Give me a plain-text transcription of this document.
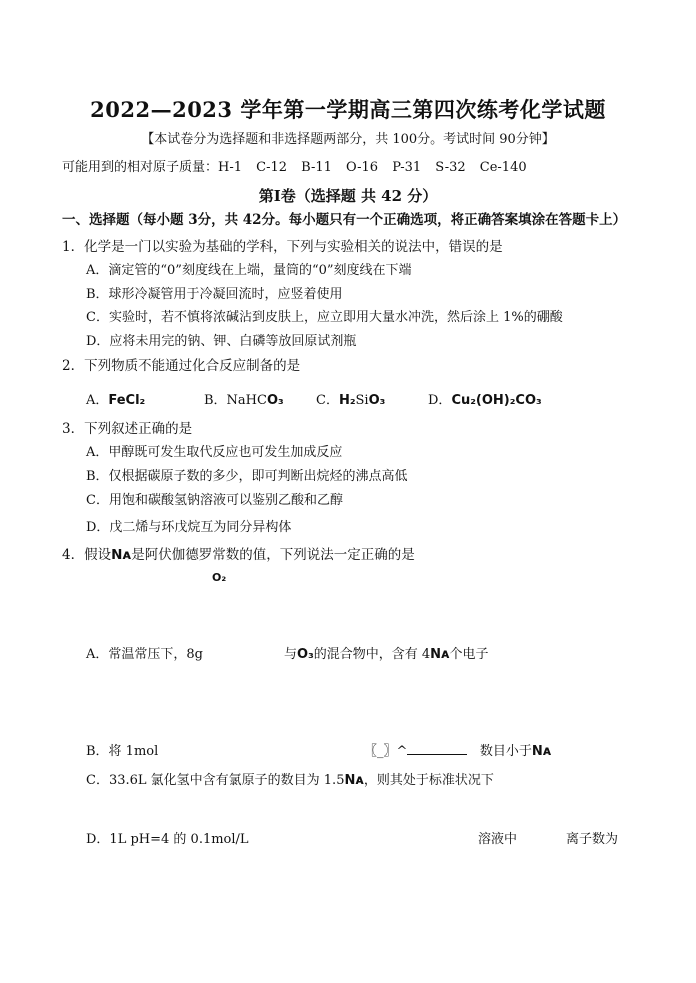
2022—2023 学年第一学期高三第四次练考化学试题
【本试卷分为选择题和非选择题两部分，共 100分。考试时间 90分钟】
可能用到的相对原子质量：H-1 C-12 B-11 O-16 P-31 S-32 Ce-140
第Ⅰ卷（选择题 共 42 分）
一、选择题（每小题 3分，共 42分。每小题只有一个正确选项，将正确答案填涂在答题卡上）
1．化学是一门以实验为基础的学科，下列与实验相关的说法中，错误的是
A．滴定管的“0”刻度线在上端，量筒的“0”刻度线在下端
B．球形冷凝管用于冷凝回流时，应竖着使用
C．实验时，若不慎将浓碱沾到皮肤上，应立即用大量水冲洗，然后涂上 1%的硼酸
D．应将未用完的钠、钾、白磷等放回原试剂瓶
2．下列物质不能通过化合反应制备的是
A．FeCl₂	B．NaHCO₃ C．H₂SiO₃	D．Cu₂(OH)₂CO₃
3．下列叙述正确的是
A．甲醇既可发生取代反应也可发生加成反应
B．仅根据碳原子数的多少，即可判断出烷烃的沸点高低
C．用饱和碳酸氢钠溶液可以鉴别乙酸和乙醇
D．戊二烯与环戊烷互为同分异构体
4．假设Nᴀ是阿伏伽德罗常数的值，下列说法一定正确的是
O₂
A．常温常压下，8g	与O₃的混合物中，含有 4Nᴀ个电子
B．将 1mol	〖_〗^	数目小于Nᴀ
C．33.6L 氯化氢中含有氯原子的数目为 1.5Nᴀ，则其处于标准状况下
D．1L pH=4 的 0.1mol/L	溶液中	离子数为
